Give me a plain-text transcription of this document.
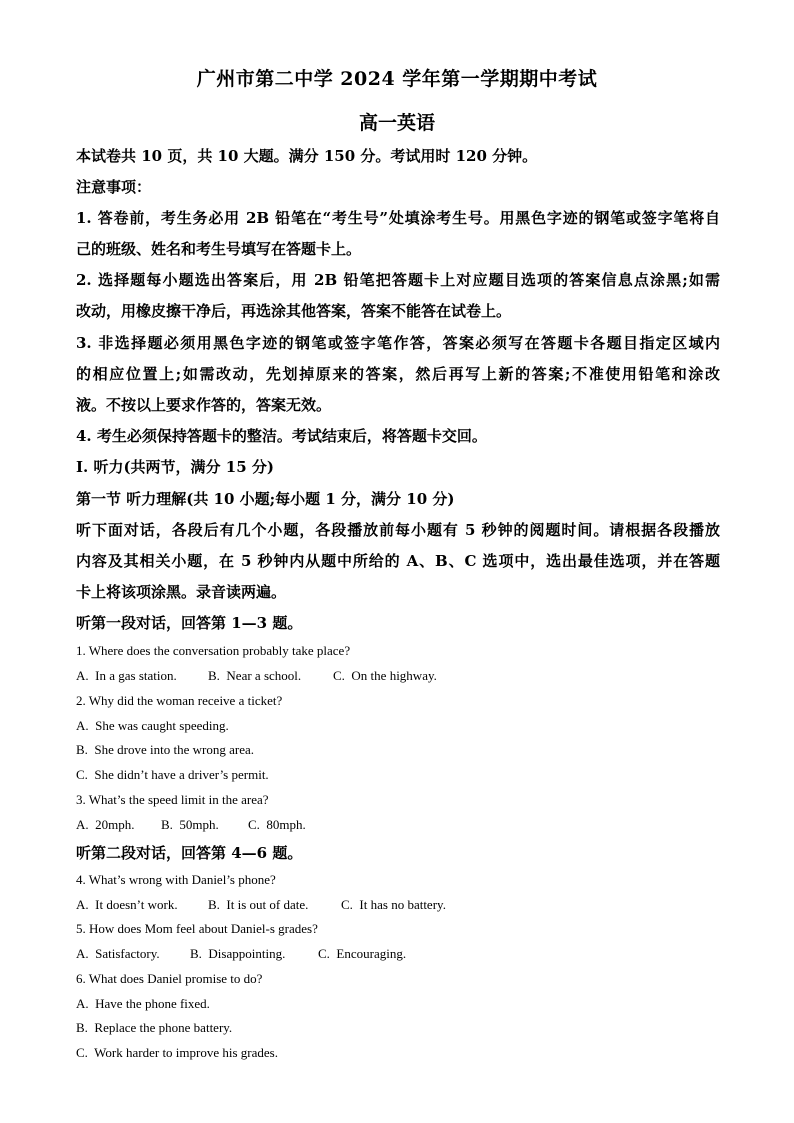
广州市第二中学 2024 学年第一学期期中考试
高一英语
本试卷共 10 页，共 10 大题。满分 150 分。考试用时 120 分钟。
注意事项：
1. 答卷前，考生务必用 2B 铅笔在“考生号”处填涂考生号。用黑色字迹的钢笔或签字笔将自
己的班级、姓名和考生号填写在答题卡上。
2. 选择题每小题选出答案后，用 2B 铅笔把答题卡上对应题目选项的答案信息点涂黑;如需
改动，用橡皮擦干净后，再选涂其他答案，答案不能答在试卷上。
3. 非选择题必须用黑色字迹的钢笔或签字笔作答，答案必须写在答题卡各题目指定区域内
的相应位置上;如需改动，先划掉原来的答案，然后再写上新的答案;不准使用铅笔和涂改
液。不按以上要求作答的，答案无效。
4. 考生必须保持答题卡的整洁。考试结束后，将答题卡交回。
Ⅰ. 听力(共两节，满分 15 分)
第一节 听力理解(共 10 小题;每小题 1 分，满分 10 分)
听下面对话，各段后有几个小题，各段播放前每小题有 5 秒钟的阅题时间。请根据各段播放
内容及其相关小题，在 5 秒钟内从题中所给的 A、B、C 选项中，选出最佳选项，并在答题
卡上将该项涂黑。录音读两遍。
听第一段对话，回答第 1—3 题。
1. Where does the conversation probably take place?
A.  In a gas station. B.  Near a school. C.  On the highway.
2. Why did the woman receive a ticket?
A.  She was caught speeding.
B.  She drove into the wrong area.
C.  She didn’t have a driver’s permit.
3. What’s the speed limit in the area?
A.  20mph. B.  50mph. C.  80mph.
听第二段对话，回答第 4—6 题。
4. What’s wrong with Daniel’s phone?
A.  It doesn’t work. B.  It is out of date.	C.  It has no battery.
5. How does Mom feel about Daniel-s grades?
A.  Satisfactory. B.  Disappointing.	C.  Encouraging.
6. What does Daniel promise to do?
A.  Have the phone fixed.
B.  Replace the phone battery.
C.  Work harder to improve his grades.
